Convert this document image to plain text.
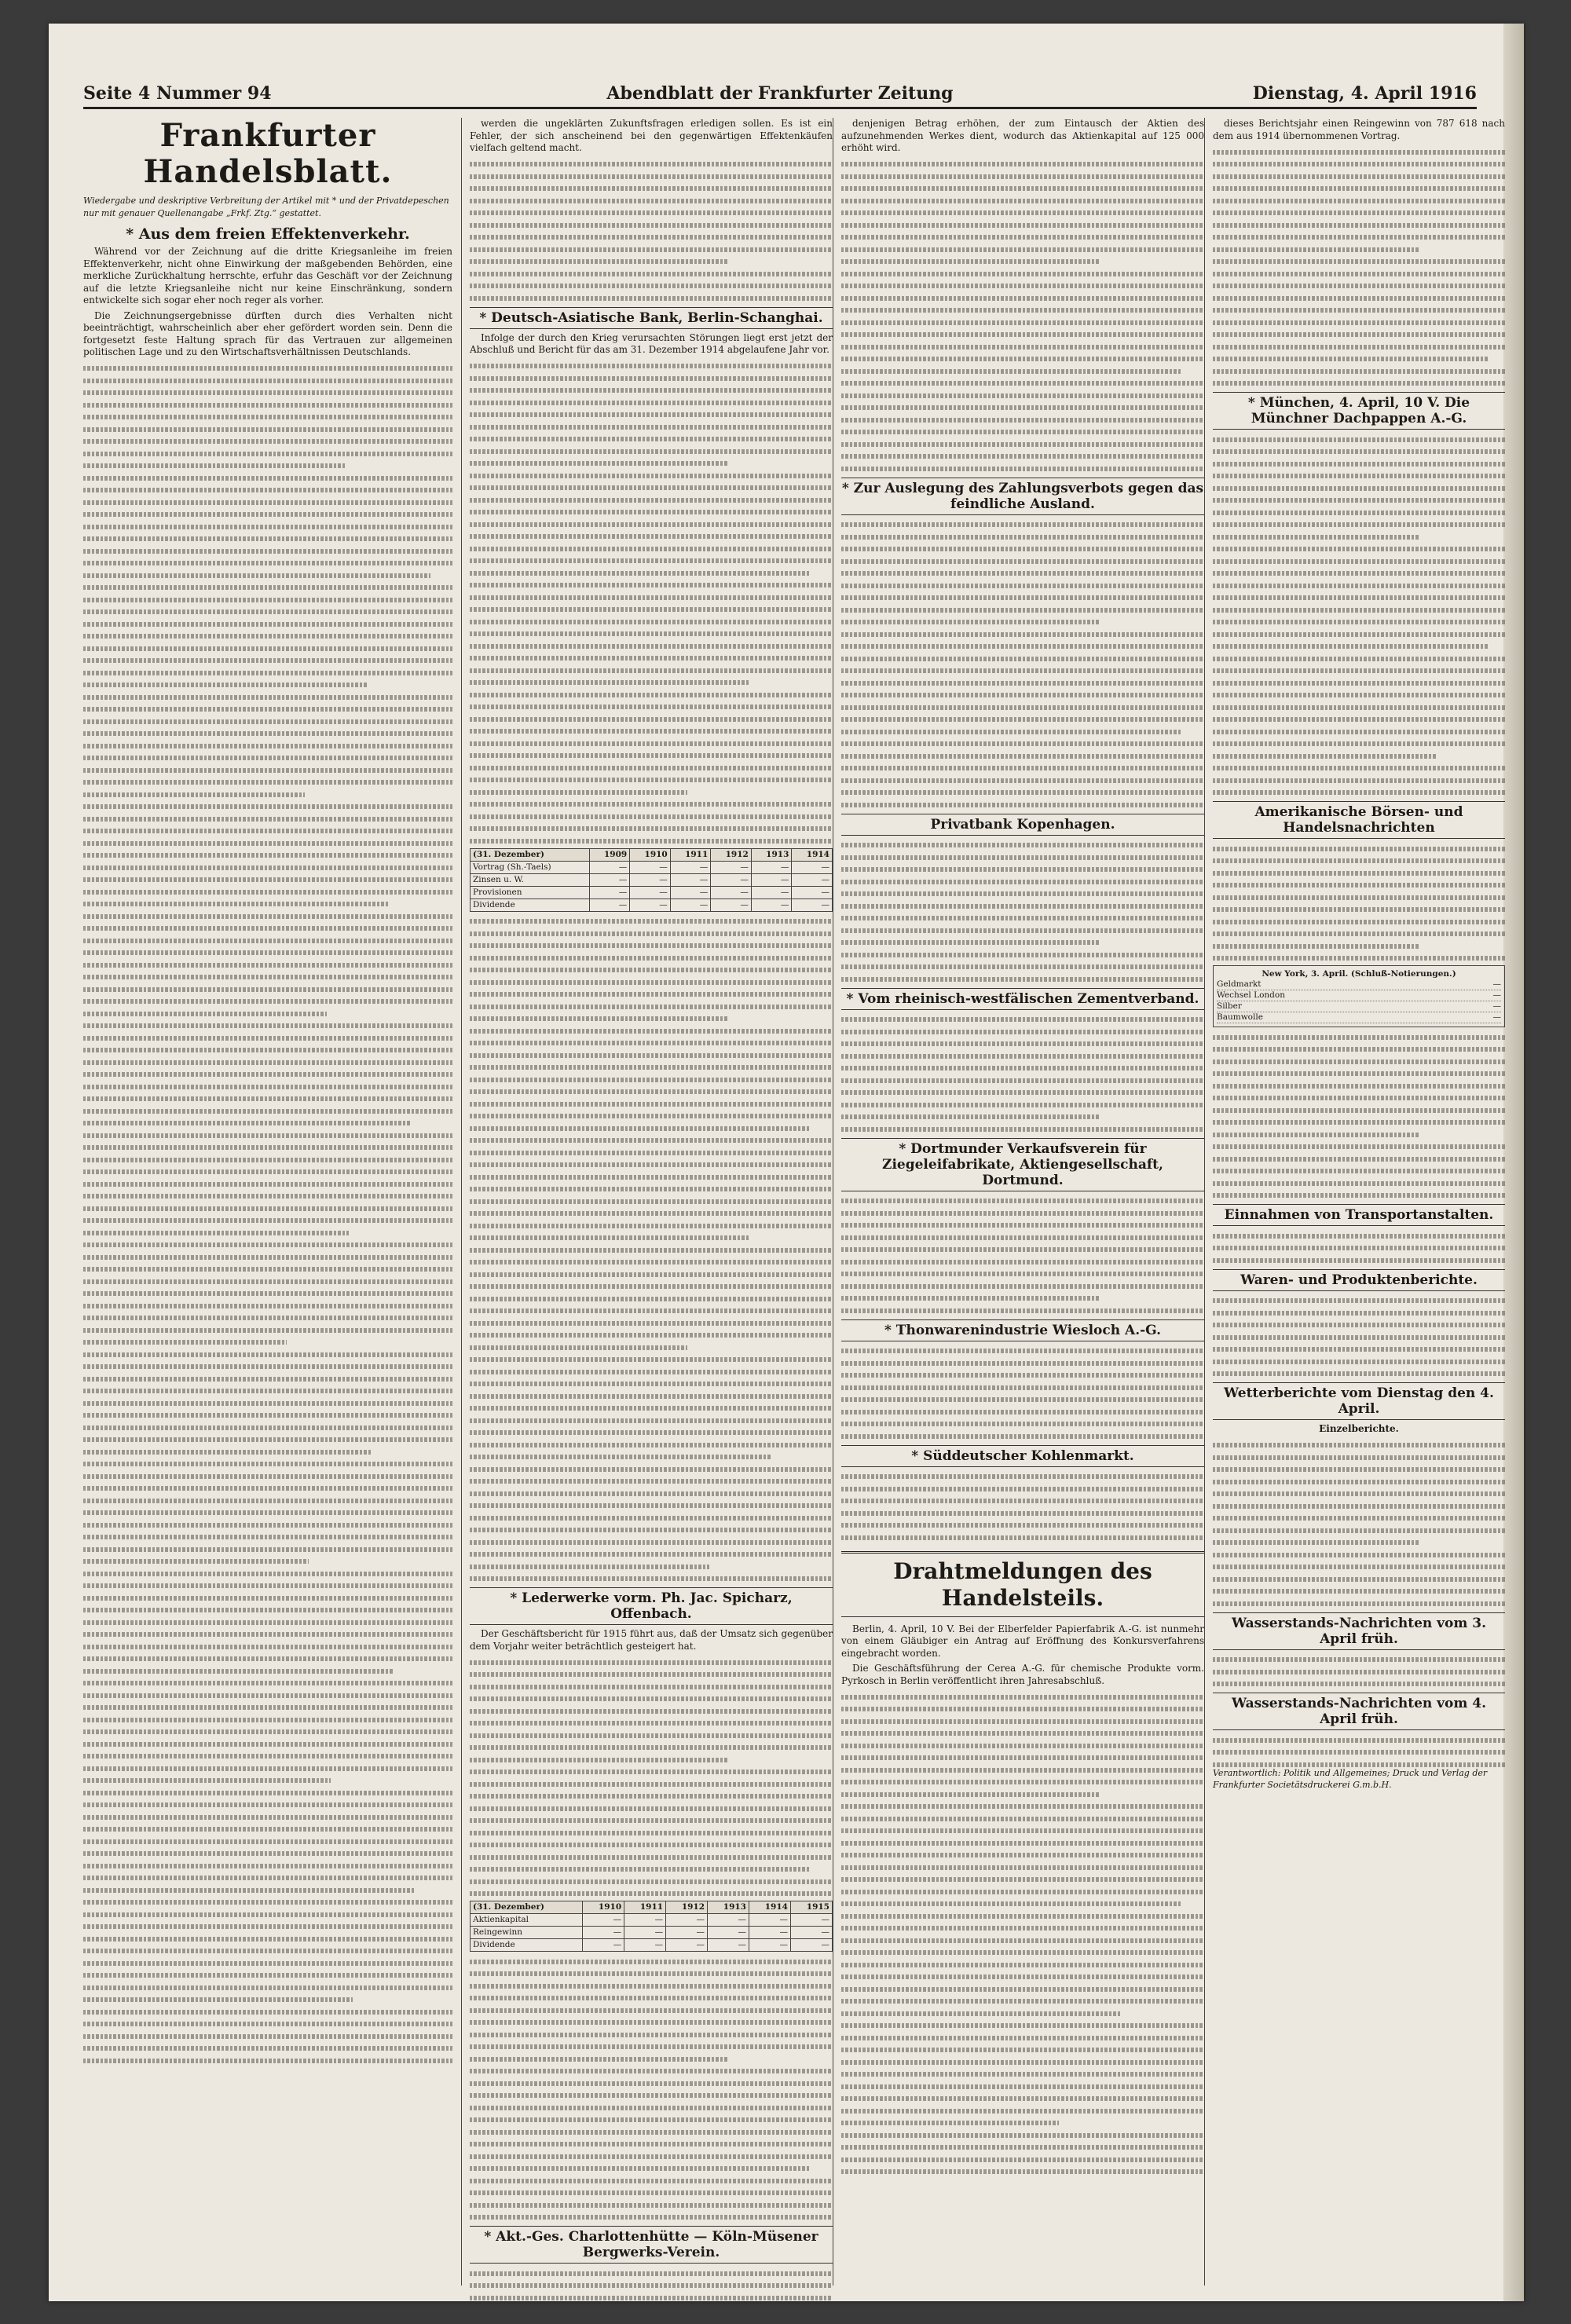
Seite 4 Nummer 94	Abendblatt der Frankfurter Zeitung	Dienstag, 4. April 1916
Frankfurter Handelsblatt.

Wiedergabe und deskriptive Verbreitung der Artikel mit * und der Privatdepeschen nur mit genauer Quellenangabe „Frkf. Ztg.“ gestattet.

* Aus dem freien Effektenverkehr.

Während vor der Zeichnung auf die dritte Kriegsanleihe im freien Effektenverkehr, nicht ohne Einwirkung der maßgebenden Behörden, eine merkliche Zurückhaltung herrschte, erfuhr das Geschäft vor der Zeichnung auf die letzte Kriegsanleihe nicht nur keine Einschränkung, sondern entwickelte sich sogar eher noch reger als vorher.

Die Zeichnungsergebnisse dürften durch dies Verhalten nicht beeinträchtigt, wahrscheinlich aber eher gefördert worden sein. Denn die fortgesetzt feste Haltung sprach für das Vertrauen zur allgemeinen politischen Lage und zu den Wirtschaftsverhältnissen Deutschlands.

werden die ungeklärten Zukunftsfragen erledigen sollen. Es ist ein Fehler, der sich anscheinend bei den gegenwärtigen Effektenkäufen vielfach geltend macht.

* Deutsch-Asiatische Bank, Berlin-Schanghai.

Infolge der durch den Krieg verursachten Störungen liegt erst jetzt der Abschluß und Bericht für das am 31. Dezember 1914 abgelaufene Jahr vor.

(31. Dezember)	1909	1910	1911	1912	1913	1914
Vortrag (Sh.-Taels)	—	—	—	—	—	—
Zinsen u. W.	—	—	—	—	—	—
Provisionen	—	—	—	—	—	—
Dividende	—	—	—	—	—	—
* Lederwerke vorm. Ph. Jac. Spicharz, Offenbach.

Der Geschäftsbericht für 1915 führt aus, daß der Umsatz sich gegenüber dem Vorjahr weiter beträchtlich gesteigert hat.

(31. Dezember)	1910	1911	1912	1913	1914	1915
Aktienkapital	—	—	—	—	—	—
Reingewinn	—	—	—	—	—	—
Dividende	—	—	—	—	—	—
* Akt.-Ges. Charlottenhütte — Köln-Müsener Bergwerks-Verein.

denjenigen Betrag erhöhen, der zum Eintausch der Aktien des aufzunehmenden Werkes dient, wodurch das Aktienkapital auf 125 000 erhöht wird.

* Zur Auslegung des Zahlungsverbots gegen das feindliche Ausland.
Privatbank Kopenhagen.
* Vom rheinisch-westfälischen Zementverband.
* Dortmunder Verkaufsverein für Ziegeleifabrikate, Aktiengesellschaft, Dortmund.
* Thonwarenindustrie Wiesloch A.-G.
* Süddeutscher Kohlenmarkt.
Drahtmeldungen des Handelsteils.

Berlin, 4. April, 10 V. Bei der Elberfelder Papierfabrik A.-G. ist nunmehr von einem Gläubiger ein Antrag auf Eröffnung des Konkursverfahrens eingebracht worden.

Die Geschäftsführung der Cerea A.-G. für chemische Produkte vorm. Pyrkosch in Berlin veröffentlicht ihren Jahresabschluß.

dieses Berichtsjahr einen Reingewinn von 787 618 nach dem aus 1914 übernommenen Vortrag.

* München, 4. April, 10 V. Die Münchner Dachpappen A.-G.
Amerikanische Börsen- und Handelsnachrichten
New York, 3. April. (Schluß-Notierungen.)
Geldmarkt	—
Wechsel London	—
Silber	—
Baumwolle	—
Einnahmen von Transportanstalten.
Waren- und Produktenberichte.
Wetterberichte vom Dienstag den 4. April.
Einzelberichte.
Wasserstands-Nachrichten vom 3. April früh.
Wasserstands-Nachrichten vom 4. April früh.

Verantwortlich: Politik und Allgemeines; Druck und Verlag der Frankfurter Societätsdruckerei G.m.b.H.
